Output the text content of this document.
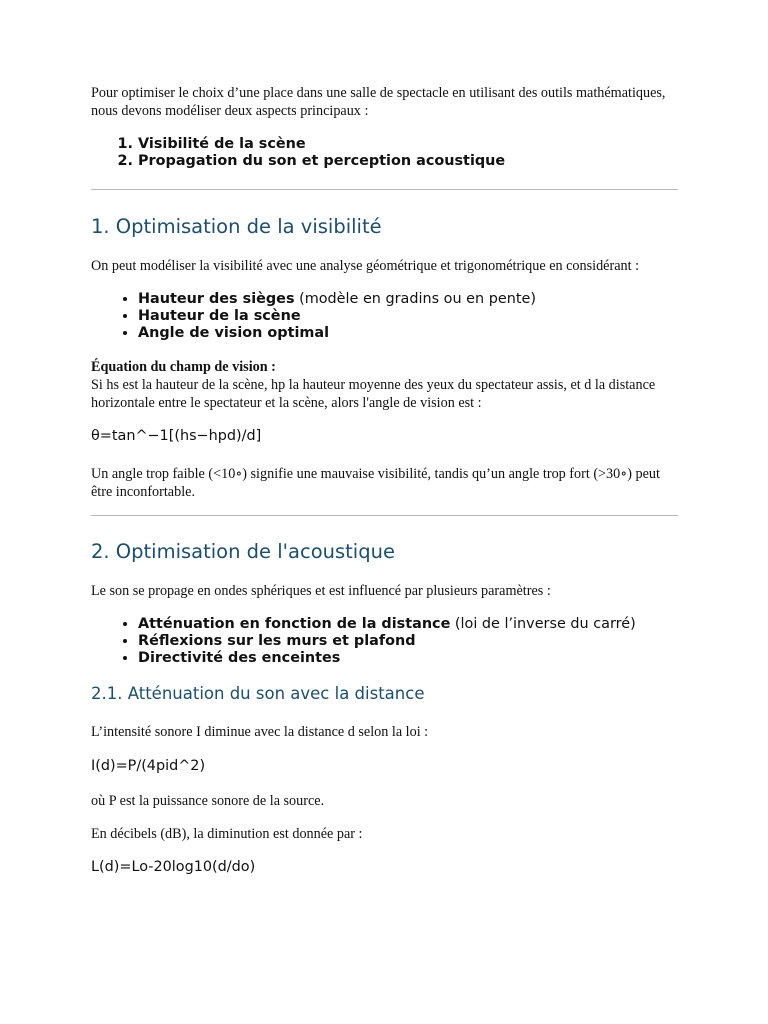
Pour optimiser le choix d’une place dans une salle de spectacle en utilisant des outils mathématiques, nous devons modéliser deux aspects principaux :

1. Visibilité de la scène
2. Propagation du son et perception acoustique
1. Optimisation de la visibilité

On peut modéliser la visibilité avec une analyse géométrique et trigonométrique en considérant :

• Hauteur des sièges (modèle en gradins ou en pente)
• Hauteur de la scène
• Angle de vision optimal

Équation du champ de vision :
Si hs est la hauteur de la scène, hp la hauteur moyenne des yeux du spectateur assis, et d la distance horizontale entre le spectateur et la scène, alors l'angle de vision est :

θ=tan^−1[(hs−hpd)/d]

Un angle trop faible (<10∘) signifie une mauvaise visibilité, tandis qu’un angle trop fort (>30∘) peut être inconfortable.

2. Optimisation de l'acoustique

Le son se propage en ondes sphériques et est influencé par plusieurs paramètres :

• Atténuation en fonction de la distance (loi de l’inverse du carré)
• Réflexions sur les murs et plafond
• Directivité des enceintes
2.1. Atténuation du son avec la distance

L’intensité sonore I diminue avec la distance d selon la loi :

I(d)=P/(4pid^2)

où P est la puissance sonore de la source.

En décibels (dB), la diminution est donnée par :

L(d)=Lo-20log10(d/do)
